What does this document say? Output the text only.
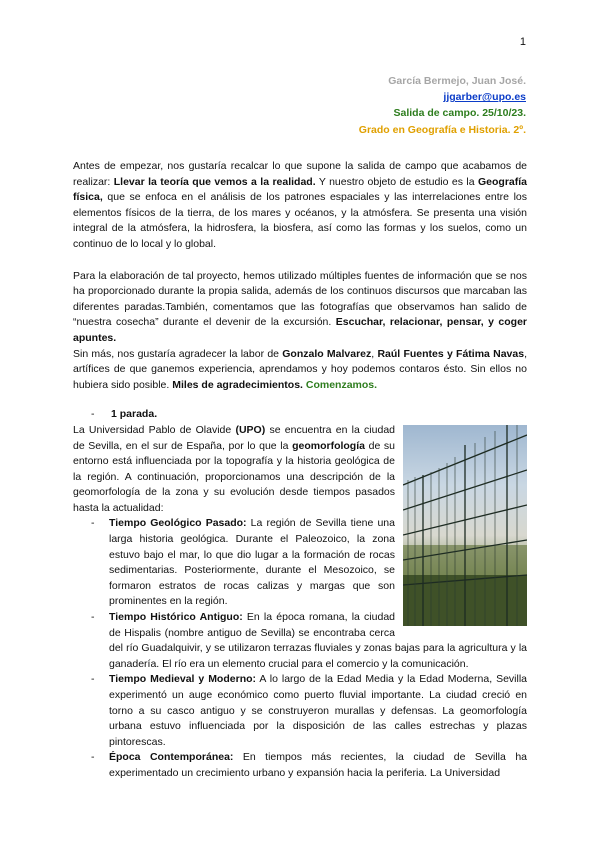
1
García Bermejo, Juan José.
jjgarber@upo.es
Salida de campo. 25/10/23.
Grado en Geografía e Historia. 2º.

Antes de empezar, nos gustaría recalcar lo que supone la salida de campo que acabamos de realizar: Llevar la teoría que vemos a la realidad. Y nuestro objeto de estudio es la Geografía física, que se enfoca en el análisis de los patrones espaciales y las interrelaciones entre los elementos físicos de la tierra, de los mares y océanos, y la atmósfera. Se presenta una visión integral de la atmósfera, la hidrosfera, la biosfera, así como las formas y los suelos, como un continuo de lo local y lo global.

Para la elaboración de tal proyecto, hemos utilizado múltiples fuentes de información que se nos ha proporcionado durante la propia salida, además de los continuos discursos que marcaban las diferentes paradas.También, comentamos que las fotografías que observamos han salido de “nuestra cosecha” durante el devenir de la excursión. Escuchar, relacionar, pensar, y coger apuntes.

Sin más, nos gustaría agradecer la labor de Gonzalo Malvarez, Raúl Fuentes y Fátima Navas, artífices de que ganemos experiencia, aprendamos y hoy podemos contaros ésto. Sin ellos no hubiera sido posible. Miles de agradecimientos. Comenzamos.

- 1 parada.

La Universidad Pablo de Olavide (UPO) se encuentra en la ciudad de Sevilla, en el sur de España, por lo que la geomorfología de su entorno está influenciada por la topografía y la historia geológica de la región. A continuación, proporcionamos una descripción de la geomorfología de la zona y su evolución desde tiempos pasados hasta la actualidad:

- Tiempo Geológico Pasado: La región de Sevilla tiene una larga historia geológica. Durante el Paleozoico, la zona estuvo bajo el mar, lo que dio lugar a la formación de rocas sedimentarias. Posteriormente, durante el Mesozoico, se formaron estratos de rocas calizas y margas que son prominentes en la región.
- Tiempo Histórico Antiguo: En la época romana, la ciudad de Hispalis (nombre antiguo de Sevilla) se encontraba cerca del río Guadalquivir, y se utilizaron terrazas fluviales y zonas bajas para la agricultura y la ganadería. El río era un elemento crucial para el comercio y la comunicación.
- Tiempo Medieval y Moderno: A lo largo de la Edad Media y la Edad Moderna, Sevilla experimentó un auge económico como puerto fluvial importante. La ciudad creció en torno a su casco antiguo y se construyeron murallas y defensas. La geomorfología urbana estuvo influenciada por la disposición de las calles estrechas y plazas pintorescas.
- Época Contemporánea: En tiempos más recientes, la ciudad de Sevilla ha experimentado un crecimiento urbano y expansión hacia la periferia. La Universidad
